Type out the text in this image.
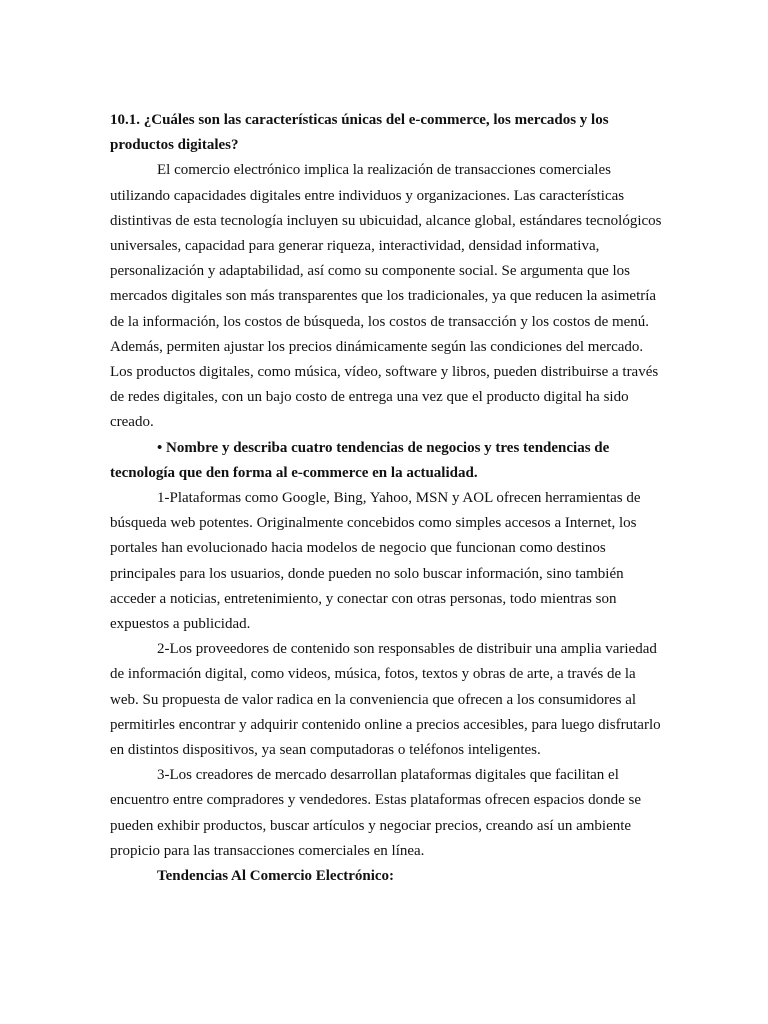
10.1. ¿Cuáles son las características únicas del e-commerce, los mercados y los productos digitales?

El comercio electrónico implica la realización de transacciones comerciales utilizando capacidades digitales entre individuos y organizaciones. Las características distintivas de esta tecnología incluyen su ubicuidad, alcance global, estándares tecnológicos universales, capacidad para generar riqueza, interactividad, densidad informativa, personalización y adaptabilidad, así como su componente social. Se argumenta que los mercados digitales son más transparentes que los tradicionales, ya que reducen la asimetría de la información, los costos de búsqueda, los costos de transacción y los costos de menú. Además, permiten ajustar los precios dinámicamente según las condiciones del mercado. Los productos digitales, como música, vídeo, software y libros, pueden distribuirse a través de redes digitales, con un bajo costo de entrega una vez que el producto digital ha sido creado.

• Nombre y describa cuatro tendencias de negocios y tres tendencias de tecnología que den forma al e-commerce en la actualidad.

1-Plataformas como Google, Bing, Yahoo, MSN y AOL ofrecen herramientas de búsqueda web potentes. Originalmente concebidos como simples accesos a Internet, los portales han evolucionado hacia modelos de negocio que funcionan como destinos principales para los usuarios, donde pueden no solo buscar información, sino también acceder a noticias, entretenimiento, y conectar con otras personas, todo mientras son expuestos a publicidad.

2-Los proveedores de contenido son responsables de distribuir una amplia variedad de información digital, como videos, música, fotos, textos y obras de arte, a través de la web. Su propuesta de valor radica en la conveniencia que ofrecen a los consumidores al permitirles encontrar y adquirir contenido online a precios accesibles, para luego disfrutarlo en distintos dispositivos, ya sean computadoras o teléfonos inteligentes.

3-Los creadores de mercado desarrollan plataformas digitales que facilitan el encuentro entre compradores y vendedores. Estas plataformas ofrecen espacios donde se pueden exhibir productos, buscar artículos y negociar precios, creando así un ambiente propicio para las transacciones comerciales en línea.

Tendencias Al Comercio Electrónico:
